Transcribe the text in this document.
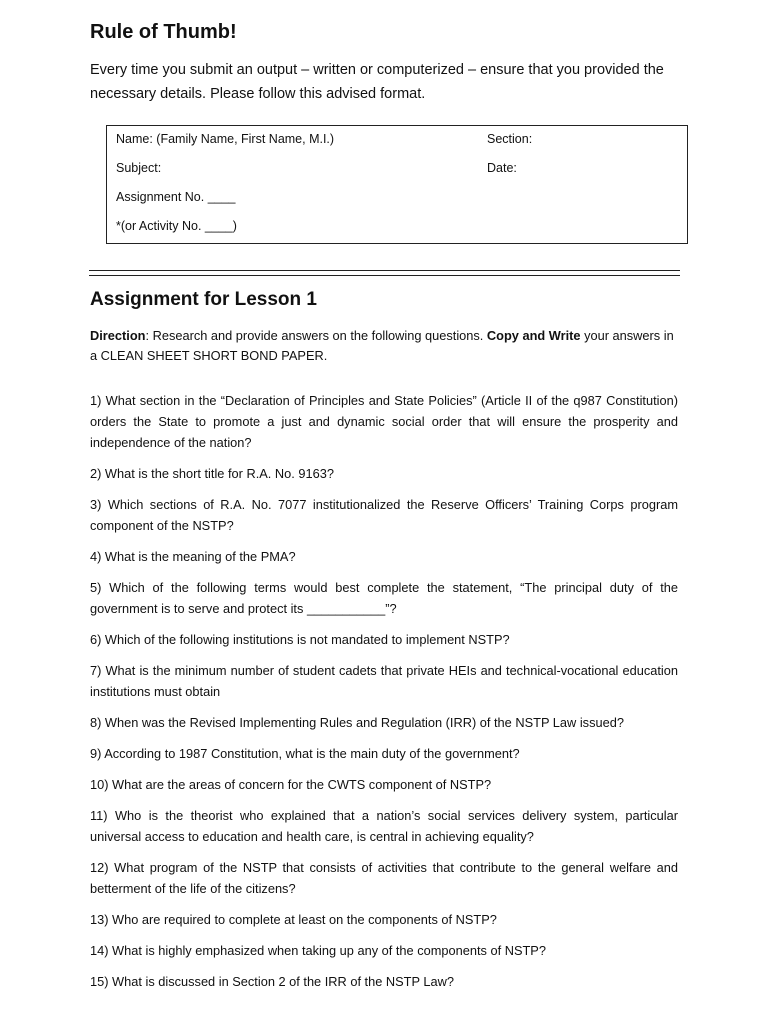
Rule of Thumb!
Every time you submit an output – written or computerized – ensure that you provided the necessary details. Please follow this advised format.
Name: (Family Name, First Name, M.I.)	Section:
Subject:	Date:
Assignment No. ____
*(or Activity No. ____)
Assignment for Lesson 1
Direction: Research and provide answers on the following questions. Copy and Write your answers in a CLEAN SHEET SHORT BOND PAPER.

1) What section in the “Declaration of Principles and State Policies” (Article II of the q987 Constitution) orders the State to promote a just and dynamic social order that will ensure the prosperity and independence of the nation?

2) What is the short title for R.A. No. 9163?

3) Which sections of R.A. No. 7077 institutionalized the Reserve Officers’ Training Corps program component of the NSTP?

4) What is the meaning of the PMA?

5) Which of the following terms would best complete the statement, “The principal duty of the government is to serve and protect its ___________”?

6) Which of the following institutions is not mandated to implement NSTP?

7) What is the minimum number of student cadets that private HEIs and technical-vocational education institutions must obtain

8) When was the Revised Implementing Rules and Regulation (IRR) of the NSTP Law issued?

9) According to 1987 Constitution, what is the main duty of the government?

10) What are the areas of concern for the CWTS component of NSTP?

11) Who is the theorist who explained that a nation’s social services delivery system, particular universal access to education and health care, is central in achieving equality?

12) What program of the NSTP that consists of activities that contribute to the general welfare and betterment of the life of the citizens?

13) Who are required to complete at least on the components of NSTP?

14) What is highly emphasized when taking up any of the components of NSTP?

15) What is discussed in Section 2 of the IRR of the NSTP Law?
